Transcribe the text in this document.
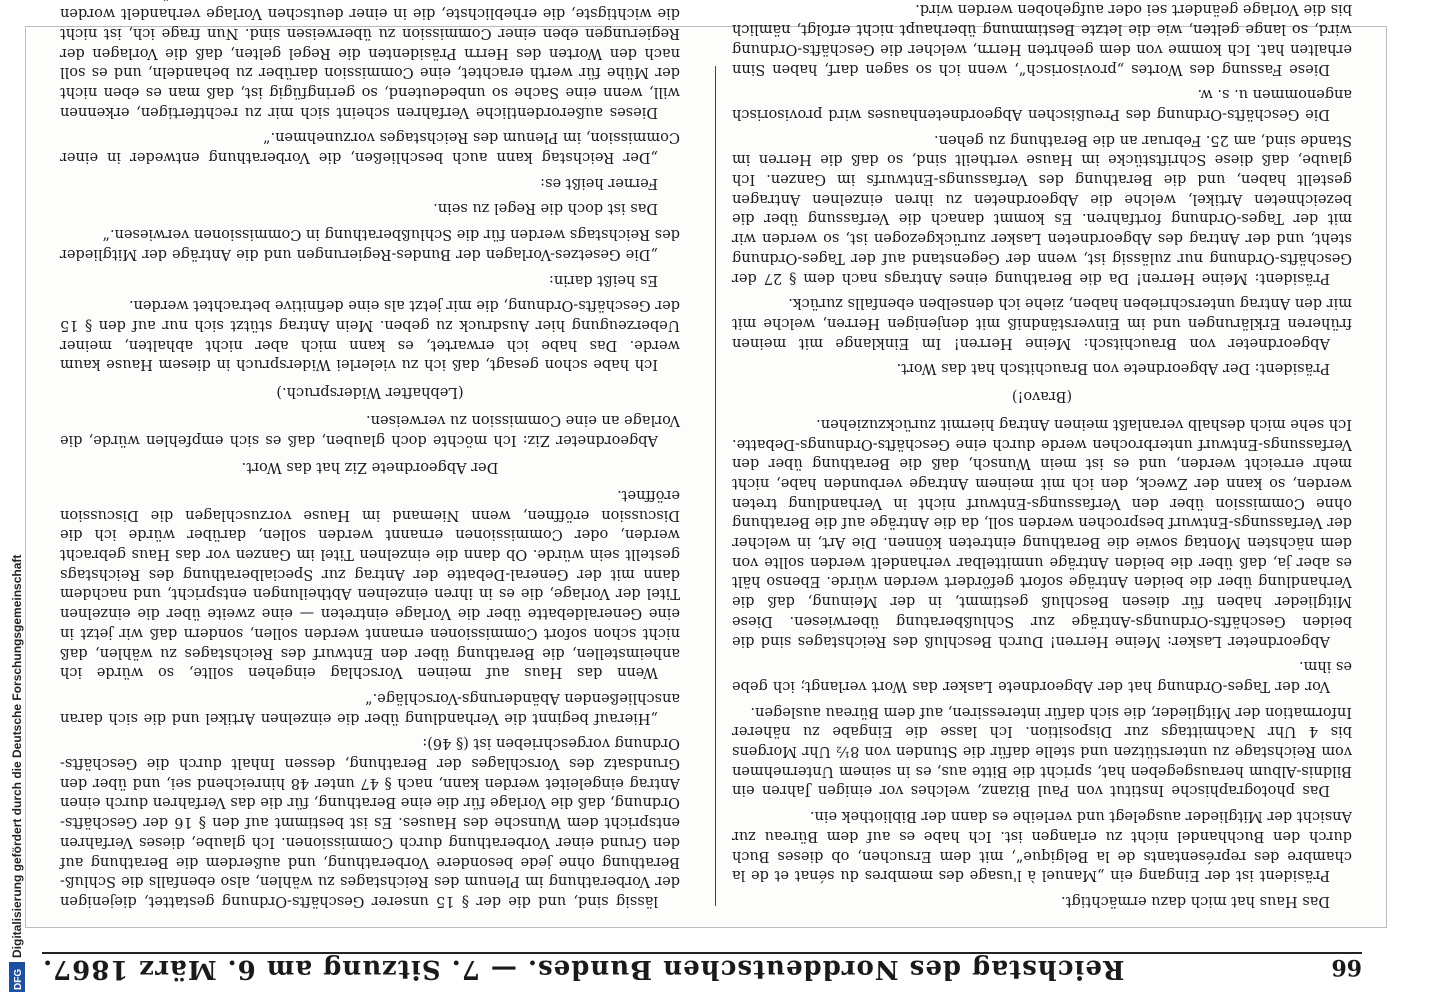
66
Reichstag des Norddeutschen Bundes. — 7. Sitzung am 6. März 1867.

Das Haus hat mich dazu ermächtigt.

Präsident ist der Eingang ein „Manuel à l'usage des membres du sénat et de la chambre des représentants de la Belgique“, mit dem Ersuchen, ob dieses Buch durch den Buchhandel nicht zu erlangen ist. Ich habe es auf dem Büreau zur Ansicht der Mitglieder ausgelegt und verleihe es dann der Bibliothek ein.

Das photographische Institut von Paul Bizanz, welches vor einigen Jahren ein Bildnis-Album herausgegeben hat, spricht die Bitte aus, es in seinem Unternehmen vom Reichstage zu unterstützen und stelle dafür die Stunden von 8½ Uhr Morgens bis 4 Uhr Nachmittags zur Disposition. Ich lasse die Eingabe zu näherer Information der Mitglieder, die sich dafür interessiren, auf dem Büreau auslegen.

Vor der Tages-Ordnung hat der Abgeordnete Lasker das Wort verlangt; ich gebe es ihm.

Abgeordneter Lasker: Meine Herren! Durch Beschluß des Reichstages sind die beiden Geschäfts-Ordnungs-Anträge zur Schlußberatung überwiesen. Diese Mitglieder haben für diesen Beschluß gestimmt, in der Meinung, daß die Verhandlung über die beiden Anträge sofort gefördert werden würde. Ebenso hält es aber ja, daß über die beiden Anträge unmittelbar verhandelt werden sollte von dem nächsten Montag sowie die Berathung eintreten können. Die Art, in welcher der Verfassungs-Entwurf besprochen werden soll, da die Anträge auf die Berathung ohne Commission über den Verfassungs-Entwurf nicht in Verhandlung treten werden, so kann der Zweck, den ich mit meinem Antrage verbunden habe, nicht mehr erreicht werden, und es ist mein Wunsch, daß die Berathung über den Verfassungs-Entwurf unterbrochen werde durch eine Geschäfts-Ordnungs-Debatte. Ich sehe mich deshalb veranlaßt meinen Antrag hiermit zurückzuziehen.

(Bravo!)

Präsident: Der Abgeordnete von Brauchitsch hat das Wort.

Abgeordneter von Brauchitsch: Meine Herren! Im Einklange mit meinen früheren Erklärungen und im Einverständniß mit denjenigen Herren, welche mit mir den Antrag unterschrieben haben, ziehe ich denselben ebenfalls zurück.

Präsident: Meine Herren! Da die Berathung eines Antrags nach dem § 27 der Geschäfts-Ordnung nur zulässig ist, wenn der Gegenstand auf der Tages-Ordnung steht, und der Antrag des Abgeordneten Lasker zurückgezogen ist, so werden wir mit der Tages-Ordnung fortfahren. Es kommt danach die Verfassung über die bezeichneten Artikel, welche die Abgeordneten zu ihren einzelnen Antragen gestellt haben, und die Berathung des Verfassungs-Entwurfs im Ganzen. Ich glaube, daß diese Schriftstücke im Hause vertheilt sind, so daß die Herren im Stande sind, am 25. Februar an die Berathung zu gehen.

Die Geschäfts-Ordnung des Preußischen Abgeordnetenhauses wird provisorisch angenommen u. s. w.

Diese Fassung des Wortes „provisorisch“, wenn ich so sagen darf, haben Sinn erhalten hat. Ich komme von dem geehrten Herrn, welcher die Geschäfts-Ordnung wird, so lange gelten, wie die letzte Bestimmung überhaupt nicht erfolgt, nämlich bis die Vorlage geändert sei oder aufgehoben werden wird.

lässig sind, und die der § 15 unserer Geschäfts-Ordnung gestattet, diejenigen der Vorberathung im Plenum des Reichstages zu wählen, also ebenfalls die Schluß-Berathung ohne jede besondere Vorberathung, und außerdem die Berathung auf den Grund einer Vorberathung durch Commissionen. Ich glaube, dieses Verfahren entspricht dem Wunsche des Hauses. Es ist bestimmt auf den § 16 der Geschäfts-Ordnung, daß die Vorlage für die eine Berathung, für die das Verfahren durch einen Antrag eingeleitet werden kann, nach § 47 unter 48 hinreichend sei, und über den Grundsatz des Vorschlages der Berathung, dessen Inhalt durch die Geschäfts-Ordnung vorgeschrieben ist (§ 46):

„Hierauf beginnt die Verhandlung über die einzelnen Artikel und die sich daran anschließenden Abänderungs-Vorschläge.“

Wenn das Haus auf meinen Vorschlag eingehen sollte, so würde ich anheimstellen, die Berathung über den Entwurf des Reichstages zu wählen, daß nicht schon sofort Commissionen ernannt werden sollen, sondern daß wir jetzt in eine Generaldebatte über die Vorlage eintreten — eine zweite über die einzelnen Titel der Vorlage, die es in ihren einzelnen Abtheilungen entspricht, und nachdem dann mit der General-Debatte der Antrag zur Specialberathung des Reichstags gestellt sein würde. Ob dann die einzelnen Titel im Ganzen vor das Haus gebracht werden, oder Commissionen ernannt werden sollen, darüber würde ich die Discussion eröffnen, wenn Niemand im Hause vorzuschlagen die Discussion eröffnet.

Der Abgeordnete Ziz hat das Wort.

Abgeordneter Ziz: Ich möchte doch glauben, daß es sich empfehlen würde, die Vorlage an eine Commission zu verweisen.

(Lebhafter Widerspruch.)

Ich habe schon gesagt, daß ich zu vielerlei Widerspruch in diesem Hause kaum werde. Das habe ich erwartet, es kann mich aber nicht abhalten, meiner Ueberzeugung hier Ausdruck zu geben. Mein Antrag stützt sich nur auf den § 15 der Geschäfts-Ordnung, die mir jetzt als eine definitive betrachtet werden.

Es heißt darin:

„Die Gesetzes-Vorlagen der Bundes-Regierungen und die Anträge der Mitglieder des Reichstags werden für die Schlußberathung in Commissionen verwiesen.“

Das ist doch die Regel zu sein.

Ferner heißt es:

„Der Reichstag kann auch beschließen, die Vorberathung entweder in einer Commission, im Plenum des Reichstages vorzunehmen.“

Dieses außerordentliche Verfahren scheint sich mir zu rechtfertigen, erkennen will, wenn eine Sache so unbedeutend, so geringfügig ist, daß man es eben nicht der Mühe für werth erachtet, eine Commission darüber zu behandeln, und es soll nach den Worten des Herrn Präsidenten die Regel gelten, daß die Vorlagen der Regierungen eben einer Commission zu überweisen sind. Nun frage ich, ist nicht die wichtigste, die erheblichste, die in einer deutschen Vorlage verhandelt worden

Digitalisierung gefördert durch die Deutsche Forschungsgemeinschaft
DFG
